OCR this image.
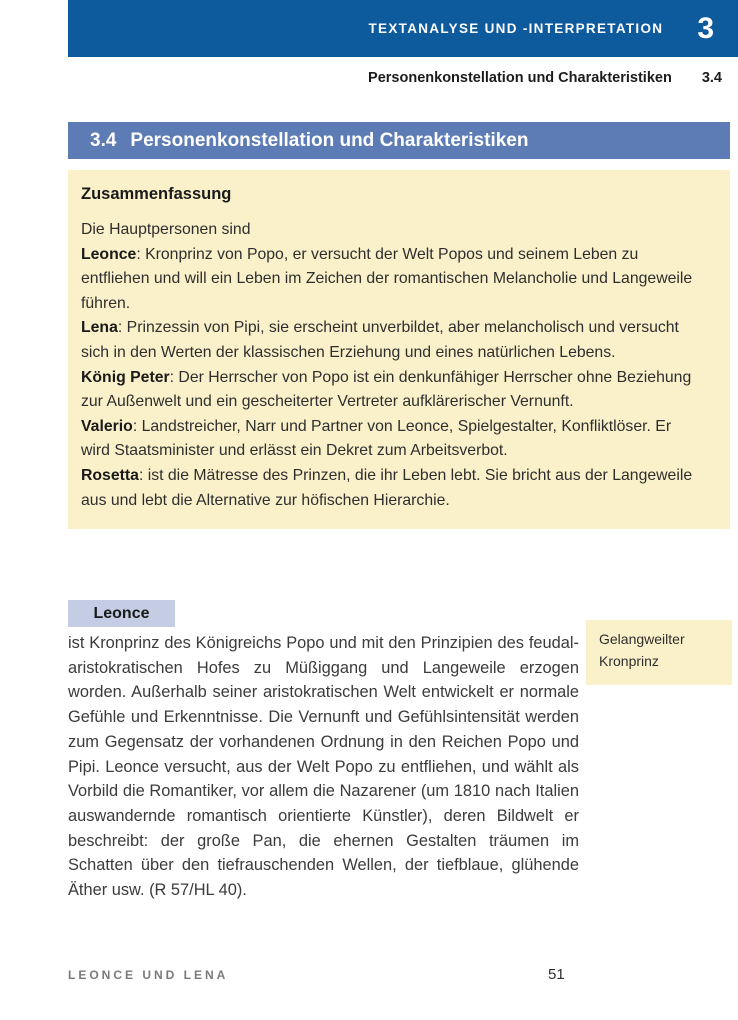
TEXTANALYSE UND -INTERPRETATION 3
Personenkonstellation und Charakteristiken 3.4
3.4 Personenkonstellation und Charakteristiken
Zusammenfassung

Die Hauptpersonen sind

Leonce: Kronprinz von Popo, er versucht der Welt Popos und seinem Leben zu entfliehen und will ein Leben im Zeichen der romantischen Melancholie und Langeweile führen.

Lena: Prinzessin von Pipi, sie erscheint unverbildet, aber melancholisch und versucht sich in den Werten der klassischen Erziehung und eines natürlichen Lebens.

König Peter: Der Herrscher von Popo ist ein denkunfähiger Herrscher ohne Beziehung zur Außenwelt und ein gescheiterter Vertreter aufklärerischer Vernunft.

Valerio: Landstreicher, Narr und Partner von Leonce, Spielgestalter, Konfliktlöser. Er wird Staatsminister und erlässt ein Dekret zum Arbeitsverbot.

Rosetta: ist die Mätresse des Prinzen, die ihr Leben lebt. Sie bricht aus der Langeweile aus und lebt die Alternative zur höfischen Hierarchie.

Leonce

ist Kronprinz des Königreichs Popo und mit den Prinzipien des feudal-aristokratischen Hofes zu Müßiggang und Langeweile erzogen worden. Außerhalb seiner aristokratischen Welt entwickelt er normale Gefühle und Erkenntnisse. Die Vernunft und Gefühlsintensität werden zum Gegensatz der vorhandenen Ordnung in den Reichen Popo und Pipi. Leonce versucht, aus der Welt Popo zu entfliehen, und wählt als Vorbild die Romantiker, vor allem die Nazarener (um 1810 nach Italien auswandernde romantisch orientierte Künstler), deren Bildwelt er beschreibt: der große Pan, die ehernen Gestalten träumen im Schatten über den tiefrauschenden Wellen, der tiefblaue, glühende Äther usw. (R 57/HL 40).

Gelangweilter Kronprinz
LEONCE UND LENA	51
